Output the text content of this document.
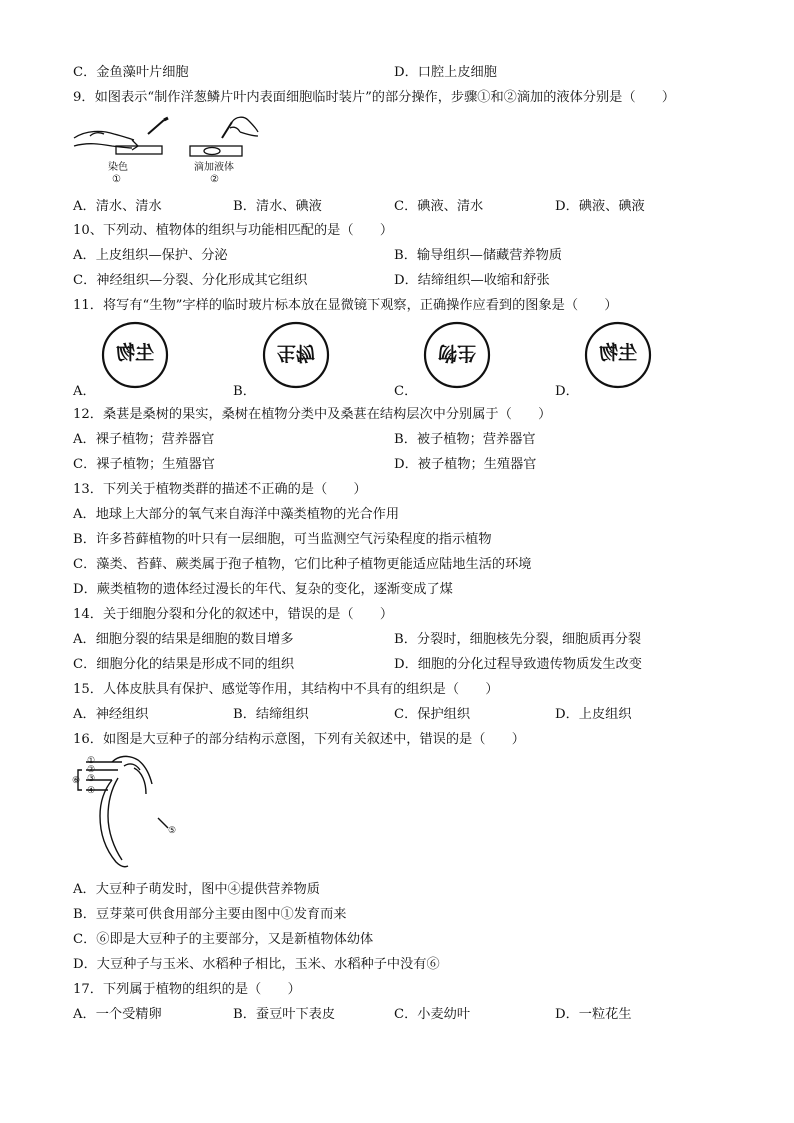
C．金鱼藻叶片细胞	D．口腔上皮细胞
9．如图表示“制作洋葱鳞片叶内表面细胞临时装片”的部分操作，步骤①和②滴加的液体分别是（　　）
染色
①
滴加液体
②
A．清水、清水	B．清水、碘液	C．碘液、清水	D．碘液、碘液
10、下列动、植物体的组织与功能相匹配的是（　　）
A．上皮组织—保护、分泌	B．输导组织—储藏营养物质
C．神经组织—分裂、分化形成其它组织	D．结缔组织—收缩和舒张
11．将写有“生物”字样的临时玻片标本放在显微镜下观察，正确操作应看到的图象是（　　）
生物	生物	生物	生物
A．	B．	C．	D．
12．桑葚是桑树的果实，桑树在植物分类中及桑葚在结构层次中分别属于（　　）
A．裸子植物；营养器官	B．被子植物；营养器官
C．裸子植物；生殖器官	D．被子植物；生殖器官
13．下列关于植物类群的描述不正确的是（　　）
A．地球上大部分的氧气来自海洋中藻类植物的光合作用
B．许多苔藓植物的叶只有一层细胞，可当监测空气污染程度的指示植物
C．藻类、苔藓、蕨类属于孢子植物，它们比种子植物更能适应陆地生活的环境
D．蕨类植物的遗体经过漫长的年代、复杂的变化，逐渐变成了煤
14．关于细胞分裂和分化的叙述中，错误的是（　　）
A．细胞分裂的结果是细胞的数目增多	B．分裂时，细胞核先分裂，细胞质再分裂
C．细胞分化的结果是形成不同的组织	D．细胞的分化过程导致遗传物质发生改变
15．人体皮肤具有保护、感觉等作用，其结构中不具有的组织是（　　）
A．神经组织	B．结缔组织	C．保护组织	D．上皮组织
16．如图是大豆种子的部分结构示意图，下列有关叙述中，错误的是（　　）
①
②
③
④
⑤
⑥
A．大豆种子萌发时，图中④提供营养物质
B．豆芽菜可供食用部分主要由图中①发育而来
C．⑥即是大豆种子的主要部分，又是新植物体幼体
D．大豆种子与玉米、水稻种子相比，玉米、水稻种子中没有⑥
17．下列属于植物的组织的是（　　）
A．一个受精卵	B．蚕豆叶下表皮	C．小麦幼叶	D．一粒花生
